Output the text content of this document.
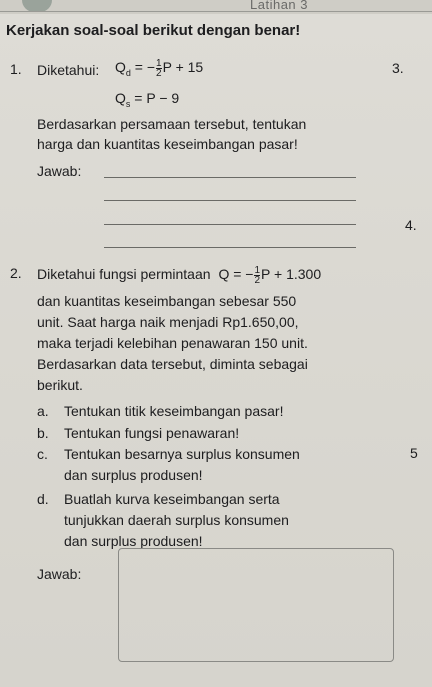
Latihan 3
Kerjakan soal-soal berikut dengan benar!
1. Diketahui: $Q_d$ = − $\frac{1}{2}$ P + 15
$Q_s = P - 9$
Berdasarkan persamaan tersebut, tentukan
harga dan kuantitas keseimbangan pasar!
Jawab:
3.
4.
2. Diketahui fungsi permintaan Q = − $\frac{1}{2}$ P + 1.300
dan kuantitas keseimbangan sebesar 550
unit. Saat harga naik menjadi Rp1.650,00,
maka terjadi kelebihan penawaran 150 unit.
Berdasarkan data tersebut, diminta sebagai
berikut.
a. Tentukan titik keseimbangan pasar!
b. Tentukan fungsi penawaran!
c. Tentukan besarnya surplus konsumen
dan surplus produsen!
5
d. Buatlah kurva keseimbangan serta
tunjukkan daerah surplus konsumen
dan surplus produsen!
Jawab:
